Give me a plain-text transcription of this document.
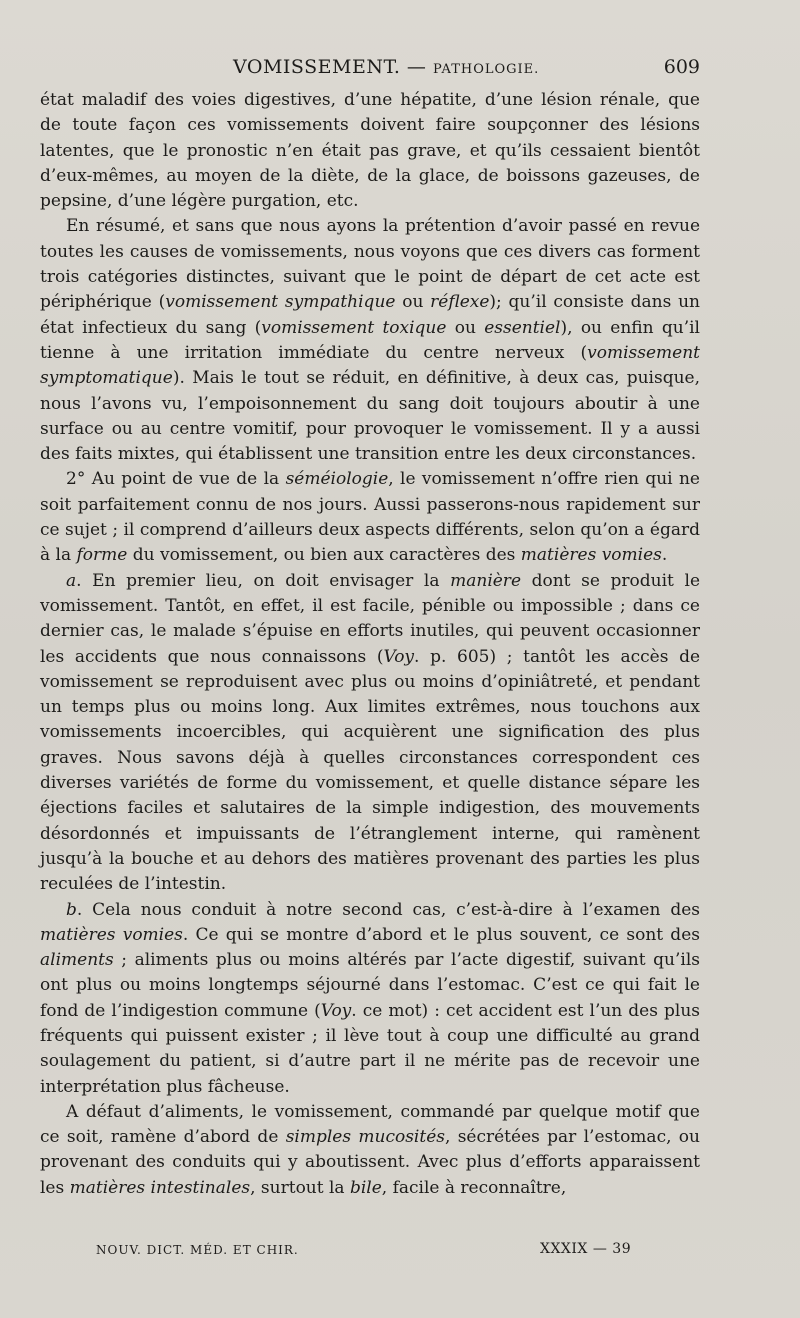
VOMISSEMENT. — PATHOLOGIE.	609

état maladif des voies digestives, d’une hépatite, d’une lésion rénale, que de toute façon ces vomissements doivent faire soupçonner des lésions latentes, que le pronostic n’en était pas grave, et qu’ils cessaient bientôt d’eux-mêmes, au moyen de la diète, de la glace, de boissons gazeuses, de pepsine, d’une légère purgation, etc.

En résumé, et sans que nous ayons la prétention d’avoir passé en revue toutes les causes de vomissements, nous voyons que ces divers cas forment trois catégories distinctes, suivant que le point de départ de cet acte est périphérique (vomissement sympathique ou réflexe); qu’il consiste dans un état infectieux du sang (vomissement toxique ou essentiel), ou enfin qu’il tienne à une irritation immédiate du centre nerveux (vomissement symptomatique). Mais le tout se réduit, en définitive, à deux cas, puisque, nous l’avons vu, l’empoisonnement du sang doit toujours aboutir à une surface ou au centre vomitif, pour provoquer le vomissement. Il y a aussi des faits mixtes, qui établissent une transition entre les deux circonstances.

2° Au point de vue de la séméiologie, le vomissement n’offre rien qui ne soit parfaitement connu de nos jours. Aussi passerons-nous rapidement sur ce sujet ; il comprend d’ailleurs deux aspects différents, selon qu’on a égard à la forme du vomissement, ou bien aux caractères des matières vomies.

a. En premier lieu, on doit envisager la manière dont se produit le vomissement. Tantôt, en effet, il est facile, pénible ou impossible ; dans ce dernier cas, le malade s’épuise en efforts inutiles, qui peuvent occasionner les accidents que nous connaissons (Voy. p. 605) ; tantôt les accès de vomissement se reproduisent avec plus ou moins d’opiniâtreté, et pendant un temps plus ou moins long. Aux limites extrêmes, nous touchons aux vomissements incoercibles, qui acquièrent une signification des plus graves. Nous savons déjà à quelles circonstances correspondent ces diverses variétés de forme du vomissement, et quelle distance sépare les éjections faciles et salutaires de la simple indigestion, des mouvements désordonnés et impuissants de l’étranglement interne, qui ramènent jusqu’à la bouche et au dehors des matières provenant des parties les plus reculées de l’intestin.

b. Cela nous conduit à notre second cas, c’est-à-dire à l’examen des matières vomies. Ce qui se montre d’abord et le plus souvent, ce sont des aliments ; aliments plus ou moins altérés par l’acte digestif, suivant qu’ils ont plus ou moins longtemps séjourné dans l’estomac. C’est ce qui fait le fond de l’indigestion commune (Voy. ce mot) : cet accident est l’un des plus fréquents qui puissent exister ; il lève tout à coup une difficulté au grand soulagement du patient, si d’autre part il ne mérite pas de recevoir une interprétation plus fâcheuse.

A défaut d’aliments, le vomissement, commandé par quelque motif que ce soit, ramène d’abord de simples mucosités, sécrétées par l’estomac, ou provenant des conduits qui y aboutissent. Avec plus d’efforts apparaissent les matières intestinales, surtout la bile, facile à reconnaître,

NOUV. DICT. MÉD. ET CHIR.	XXXIX — 39
